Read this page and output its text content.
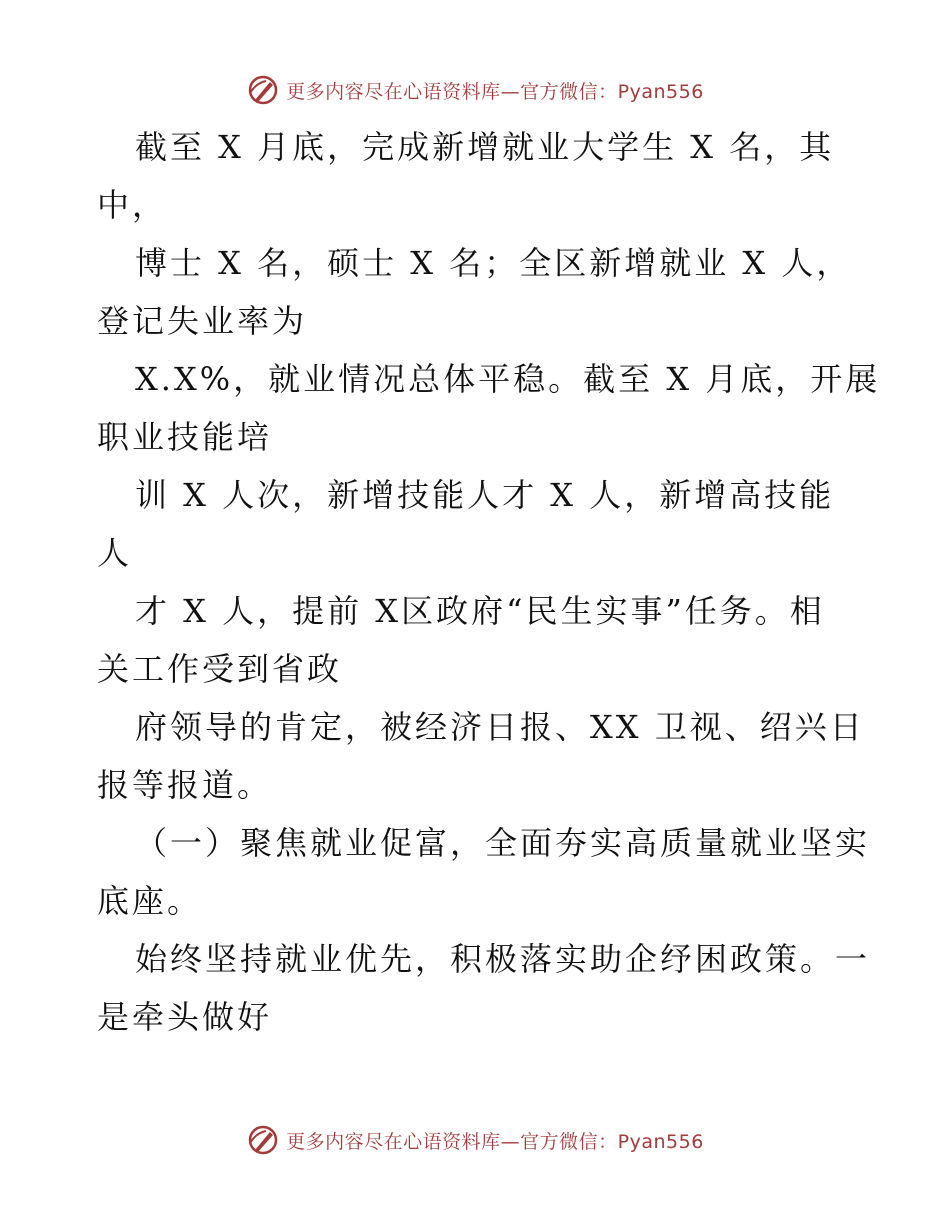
更多内容尽在心语资料库—官方微信：Pyan556
截至 X 月底，完成新增就业大学生 X 名，其
中，
博士 X 名，硕士 X 名；全区新增就业 X 人，
登记失业率为
X.X%，就业情况总体平稳。截至 X 月底，开展
职业技能培
训 X 人次，新增技能人才 X 人，新增高技能
人
才 X 人，提前 X区政府“民生实事”任务。相
关工作受到省政
府领导的肯定，被经济日报、XX 卫视、绍兴日
报等报道。
（一）聚焦就业促富，全面夯实高质量就业坚实
底座。
始终坚持就业优先，积极落实助企纾困政策。一
是牵头做好
更多内容尽在心语资料库—官方微信：Pyan556
